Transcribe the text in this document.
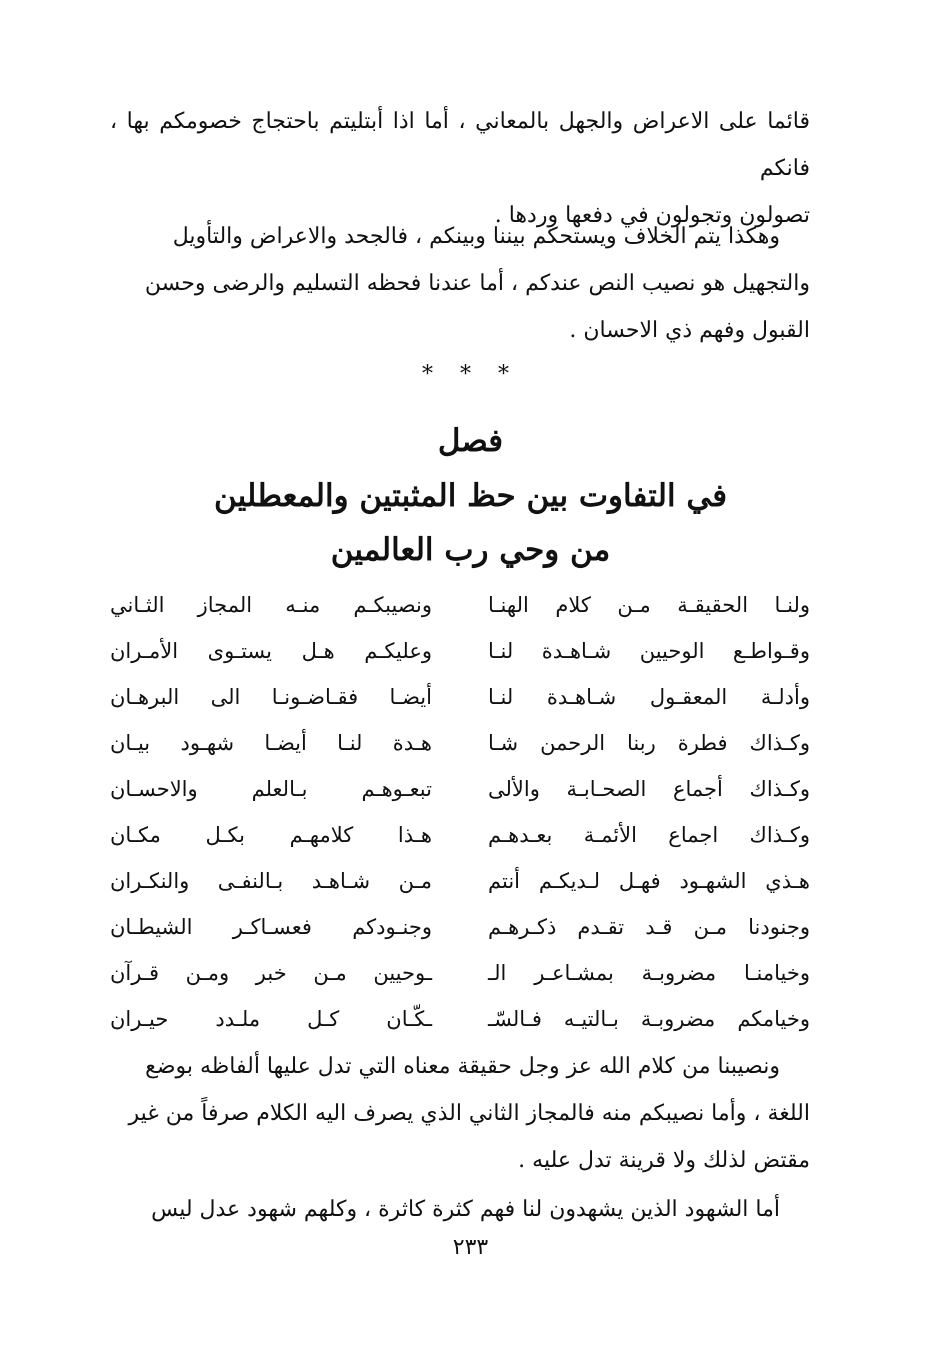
قائما على الاعراض والجهل بالمعاني ، أما اذا أبتليتم باحتجاج خصومكم بها ، فانكم
تصولون وتجولون في دفعها وردها .

وهكذا يتم الخلاف ويستحكم بيننا وبينكم ، فالجحد والاعراض والتأويل
والتجهيل هو نصيب النص عندكم ، أما عندنا فحظه التسليم والرضى وحسن
القبول وفهم ذي الاحسان .

* * *
فصل
في التفاوت بين حظ المثبتين والمعطلين
من وحي رب العالمين
ولنـا الحقيقـة مـن كلام الهنـا
ونصيبكـم منـه المجاز الثـاني
وقـواطـع الوحيين شـاهـدة لنـا
وعليكـم هـل يستـوى الأمـران
وأدلـة المعقـول شـاهـدة لنـا
أيضـا فقـاضـونـا الى البرهـان
وكـذاك فطرة ربنا الرحمن شـا
هـدة لنـا أيضـا شهـود بيـان
وكـذاك أجماع الصحـابـة والألى
تبعـوهـم بـالعلم والاحسـان
وكـذاك اجماع الأئمـة بعـدهـم
هـذا كلامهـم بكـل مكـان
هـذي الشهـود فهـل لـديكـم أنتم
مـن شـاهـد بـالنفـى والنكـران
وجنودنا مـن قـد تقـدم ذكـرهـم
وجنـودكم فعسـاكـر الشيطـان
وخيامنـا مضروبـة بمشـاعـر الـ
ـوحيين مـن خبر ومـن قـرآن
وخيامكم مضروبـة بـالتيـه فـالسّـ
ـكّـان كـل ملـدد حيـران

ونصيبنا من كلام الله عز وجل حقيقة معناه التي تدل عليها ألفاظه بوضع
اللغة ، وأما نصيبكم منه فالمجاز الثاني الذي يصرف اليه الكلام صرفاً من غير
مقتض لذلك ولا قرينة تدل عليه .

أما الشهود الذين يشهدون لنا فهم كثرة كاثرة ، وكلهم شهود عدل ليس

٢٣٣
